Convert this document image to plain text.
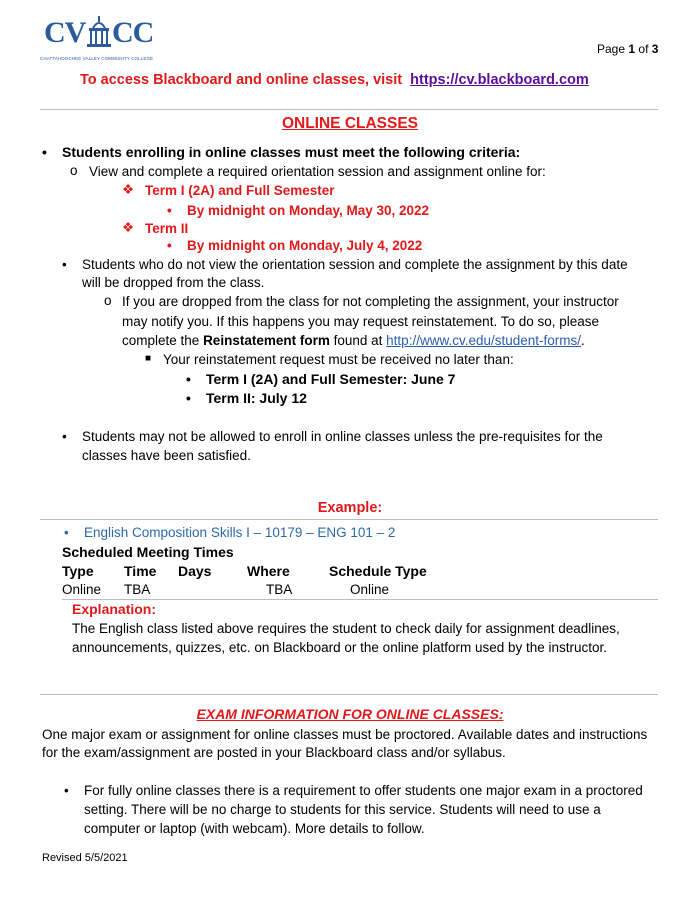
CV CC
CHATTAHOOCHEE VALLEY COMMUNITY COLLEGE
Page 1 of 3
To access Blackboard and online classes, visit https://cv.blackboard.com
ONLINE CLASSES
• Students enrolling in online classes must meet the following criteria:
o View and complete a required orientation session and assignment online for:
❖ Term I (2A) and Full Semester
• By midnight on Monday, May 30, 2022
❖ Term II
• By midnight on Monday, July 4, 2022
• Students who do not view the orientation session and complete the assignment by this date
will be dropped from the class.
o If you are dropped from the class for not completing the assignment, your instructor
may notify you. If this happens you may request reinstatement. To do so, please
complete the Reinstatement form found at http://www.cv.edu/student-forms/.
■ Your reinstatement request must be received no later than:
• Term I (2A) and Full Semester: June 7
• Term II: July 12
• Students may not be allowed to enroll in online classes unless the pre-requisites for the
classes have been satisfied.
Example:
• English Composition Skills I – 10179 – ENG 101 – 2
Scheduled Meeting Times
Type Time Days	Where	Schedule Type
Online TBA	TBA	Online
Explanation:
The English class listed above requires the student to check daily for assignment deadlines,
announcements, quizzes, etc. on Blackboard or the online platform used by the instructor.
EXAM INFORMATION FOR ONLINE CLASSES:
One major exam or assignment for online classes must be proctored. Available dates and instructions
for the exam/assignment are posted in your Blackboard class and/or syllabus.
• For fully online classes there is a requirement to offer students one major exam in a proctored
setting. There will be no charge to students for this service. Students will need to use a
computer or laptop (with webcam). More details to follow.
Revised 5/5/2021
